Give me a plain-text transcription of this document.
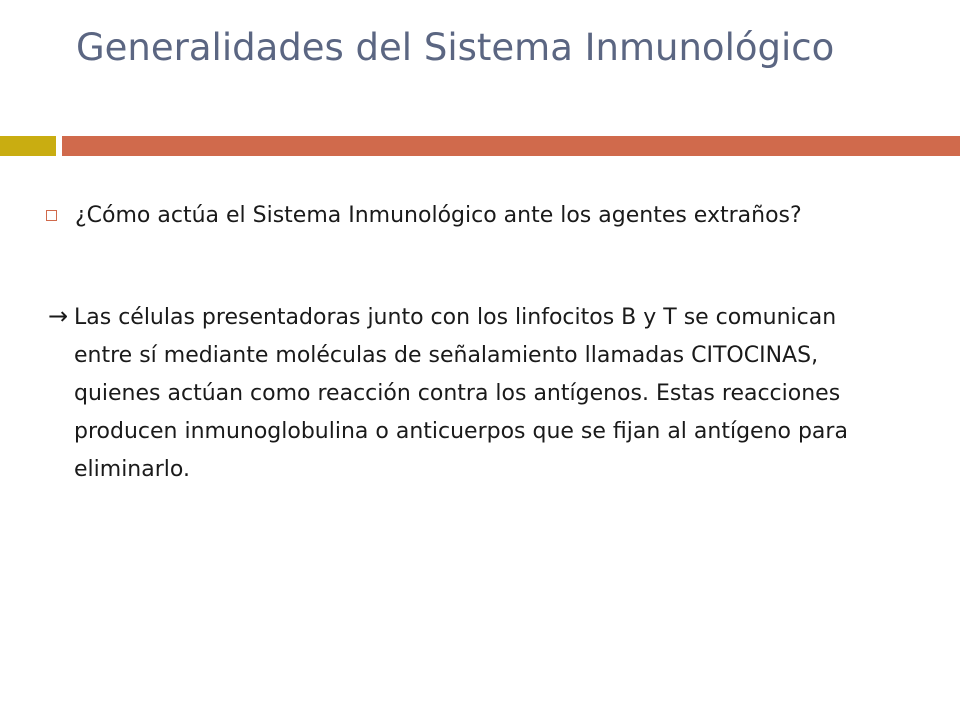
Generalidades del Sistema Inmunológico
¿Cómo actúa el Sistema Inmunológico ante los agentes extraños?
→ Las células presentadoras junto con los linfocitos B y T se comunican entre sí mediante moléculas de señalamiento llamadas CITOCINAS, quienes actúan como reacción contra los antígenos. Estas reacciones producen inmunoglobulina o anticuerpos que se fijan al antígeno para eliminarlo.
